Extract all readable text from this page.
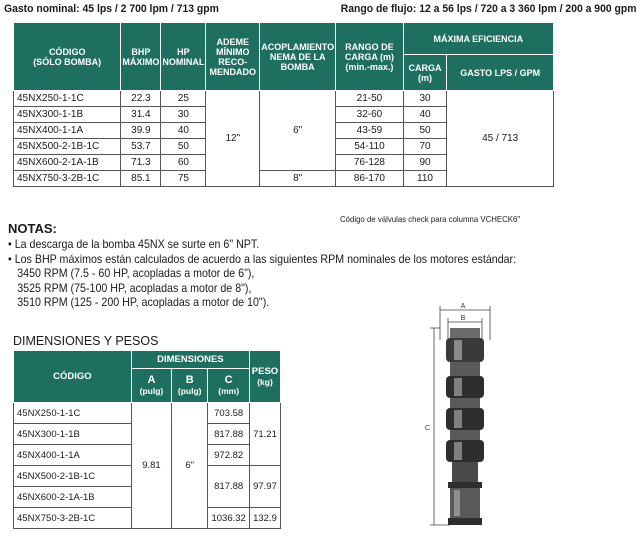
Gasto nominal: 45 lps / 2 700 lpm / 713 gpm	Rango de flujo: 12 a 56 lps / 720 a 3 360 lpm / 200 a 900 gpm
CÓDIGO
(SÓLO BOMBA)	BHP MÁXIMO	HP NOMINAL	ADEME MÍNIMO RECO- MENDADO	ACOPLAMIENTO NEMA DE LA BOMBA	RANGO DE CARGA (m)
(min.-max.)	MÁXIMA EFICIENCIA	
						CARGA (m)	GASTO LPS / GPM
45NX250-1-1C	22.3	25	12"	6"	21-50	30	45 / 713
45NX300-1-1B	31.4	30			32-60	40	
45NX400-1-1A	39.9	40			43-59	50	
45NX500-2-1B-1C	53.7	50			54-110	70	
45NX600-2-1A-1B	71.3	60			76-128	90	
45NX750-3-2B-1C	85.1	75		8"	86-170	110	
Código de válvulas check para columna VCHECK6"
NOTAS:
• La descarga de la bomba 45NX se surte en 6" NPT.
• Los BHP máximos están calculados de acuerdo a las siguientes RPM nominales de los motores estándar:
3450 RPM (7.5 - 60 HP, acopladas a motor de 6"),
3525 RPM (75-100 HP, acopladas a motor de 8"),
3510 RPM (125 - 200 HP, acopladas a motor de 10").
DIMENSIONES Y PESOS
CÓDIGO	DIMENSIONES			PESO
(kg)
	A
(pulg)	B
(pulg)	C
(mm)	
45NX250-1-1C	9.81	6"	703.58	71.21
45NX300-1-1B			817.88	
45NX400-1-1A			972.82	
45NX500-2-1B-1C			817.88	97.97
45NX600-2-1A-1B				
45NX750-3-2B-1C			1036.32	132.9
A
B
C
